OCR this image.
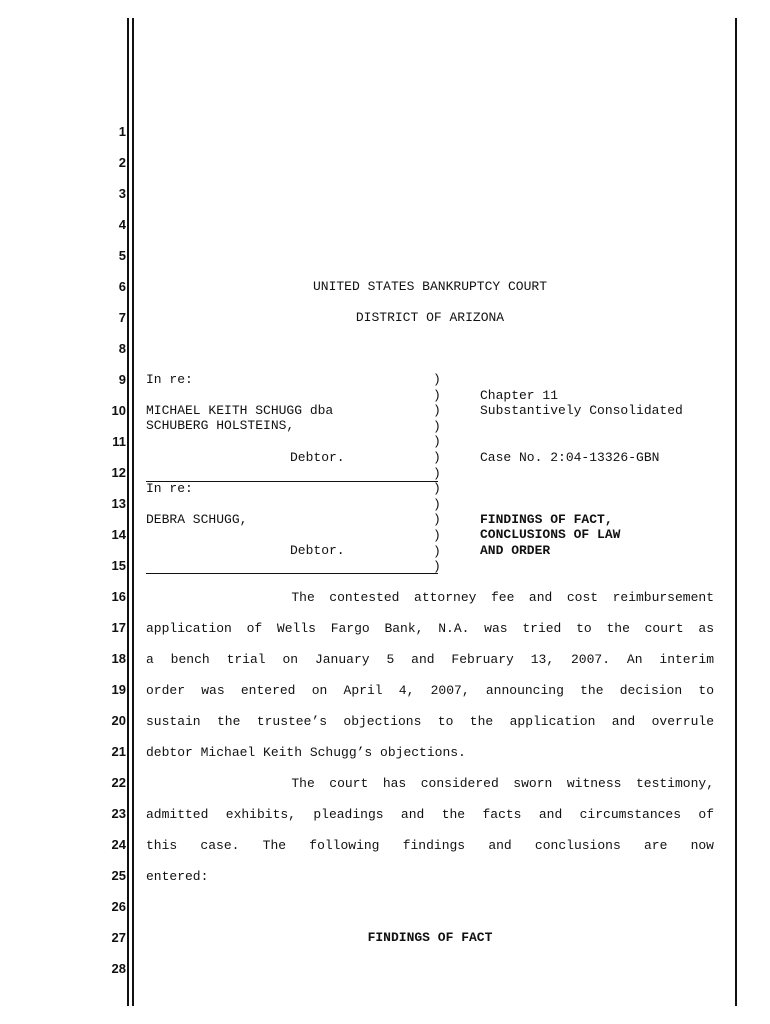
1
2
3
4
5
6
7
8
9
10
11
12
13
14
15
16
17
18
19
20
21
22
23
24
25
26
27
28
UNITED STATES BANKRUPTCY COURT
DISTRICT OF ARIZONA
In re:
MICHAEL KEITH SCHUGG dba
SCHUBERG HOLSTEINS,
Debtor.
In re:
DEBRA SCHUGG,
Debtor.
)
)
)
)
)
)
)
)
)
)
)
)
)
Chapter 11
Substantively Consolidated
Case No. 2:04-13326-GBN
FINDINGS OF FACT,
CONCLUSIONS OF LAW
AND ORDER
The contested attorney fee and cost reimbursement
application of Wells Fargo Bank, N.A. was tried to the court as
a bench trial on January 5 and February 13, 2007. An interim
order was entered on April 4, 2007, announcing the decision to
sustain the trustee’s objections to the application and overrule
debtor Michael Keith Schugg’s objections.
The court has considered sworn witness testimony,
admitted exhibits, pleadings and the facts and circumstances of
this case. The following findings and conclusions are now
entered:
FINDINGS OF FACT
